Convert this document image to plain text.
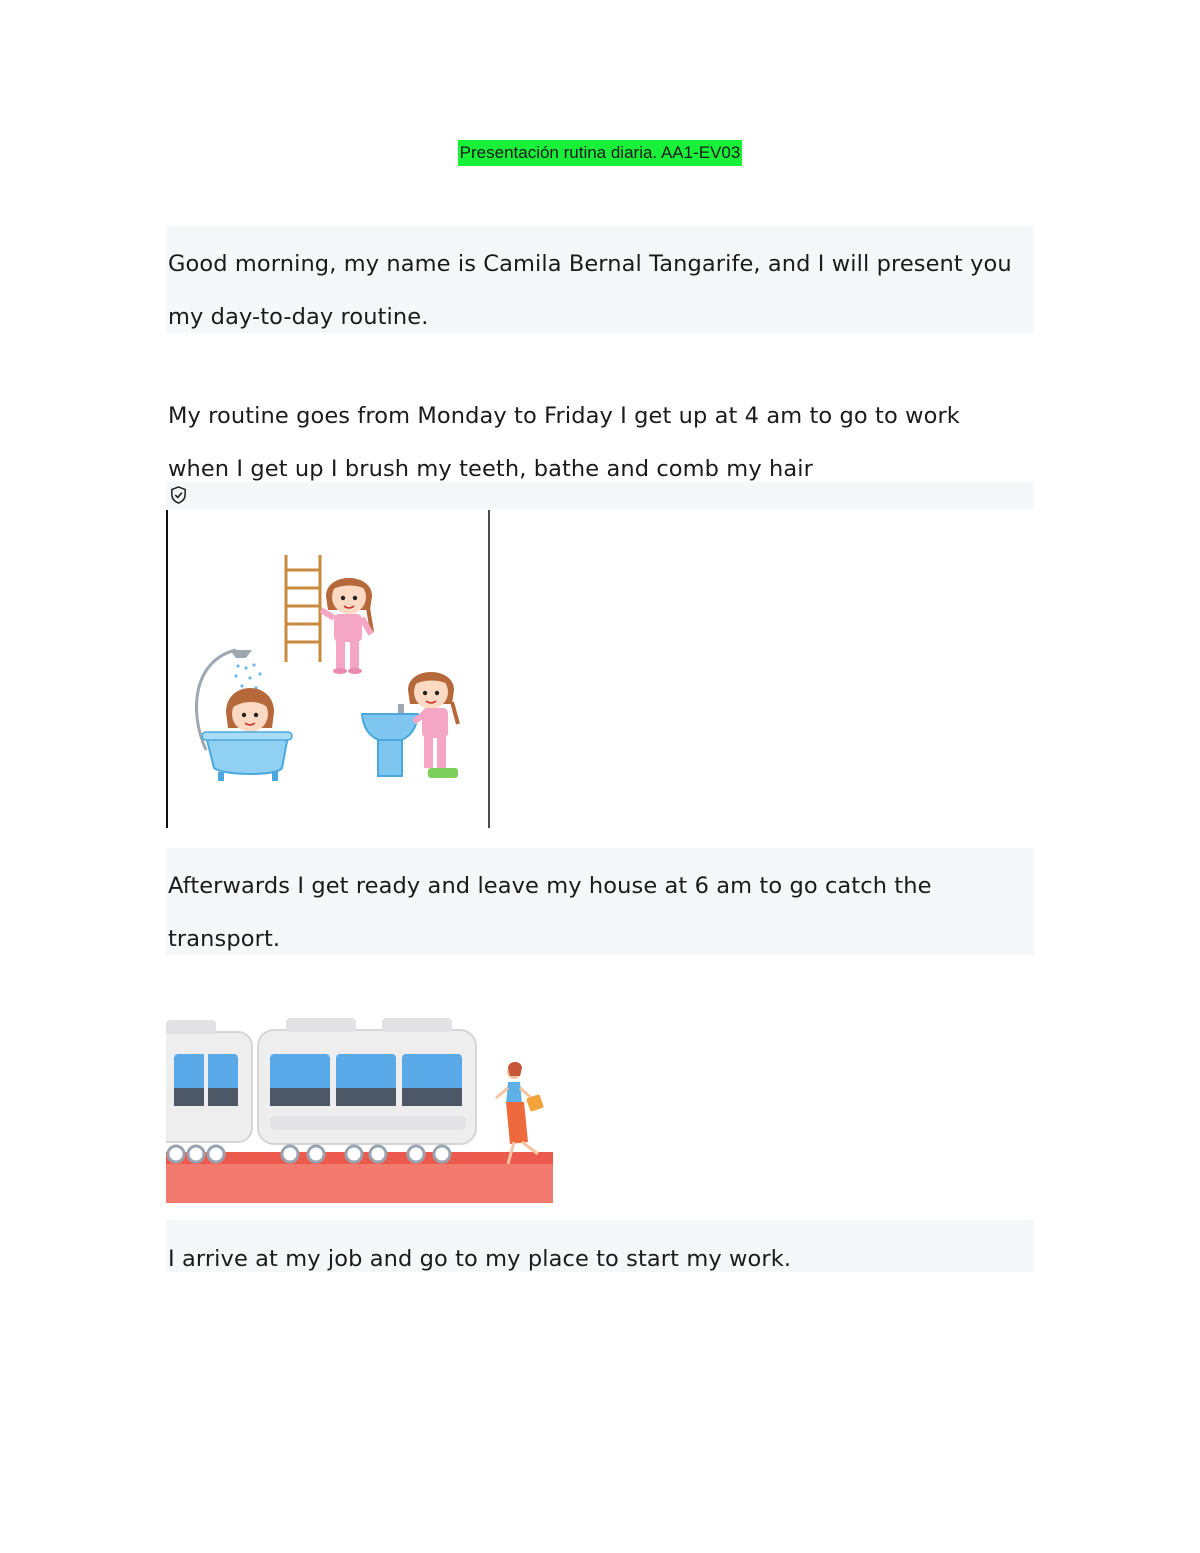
Presentación rutina diaria. AA1-EV03

Good morning, my name is Camila Bernal Tangarife, and I will present you my day-to-day routine.

My routine goes from Monday to Friday I get up at 4 am to go to work when I get up I brush my teeth, bathe and comb my hair

Afterwards I get ready and leave my house at 6 am to go catch the transport.

I arrive at my job and go to my place to start my work.
